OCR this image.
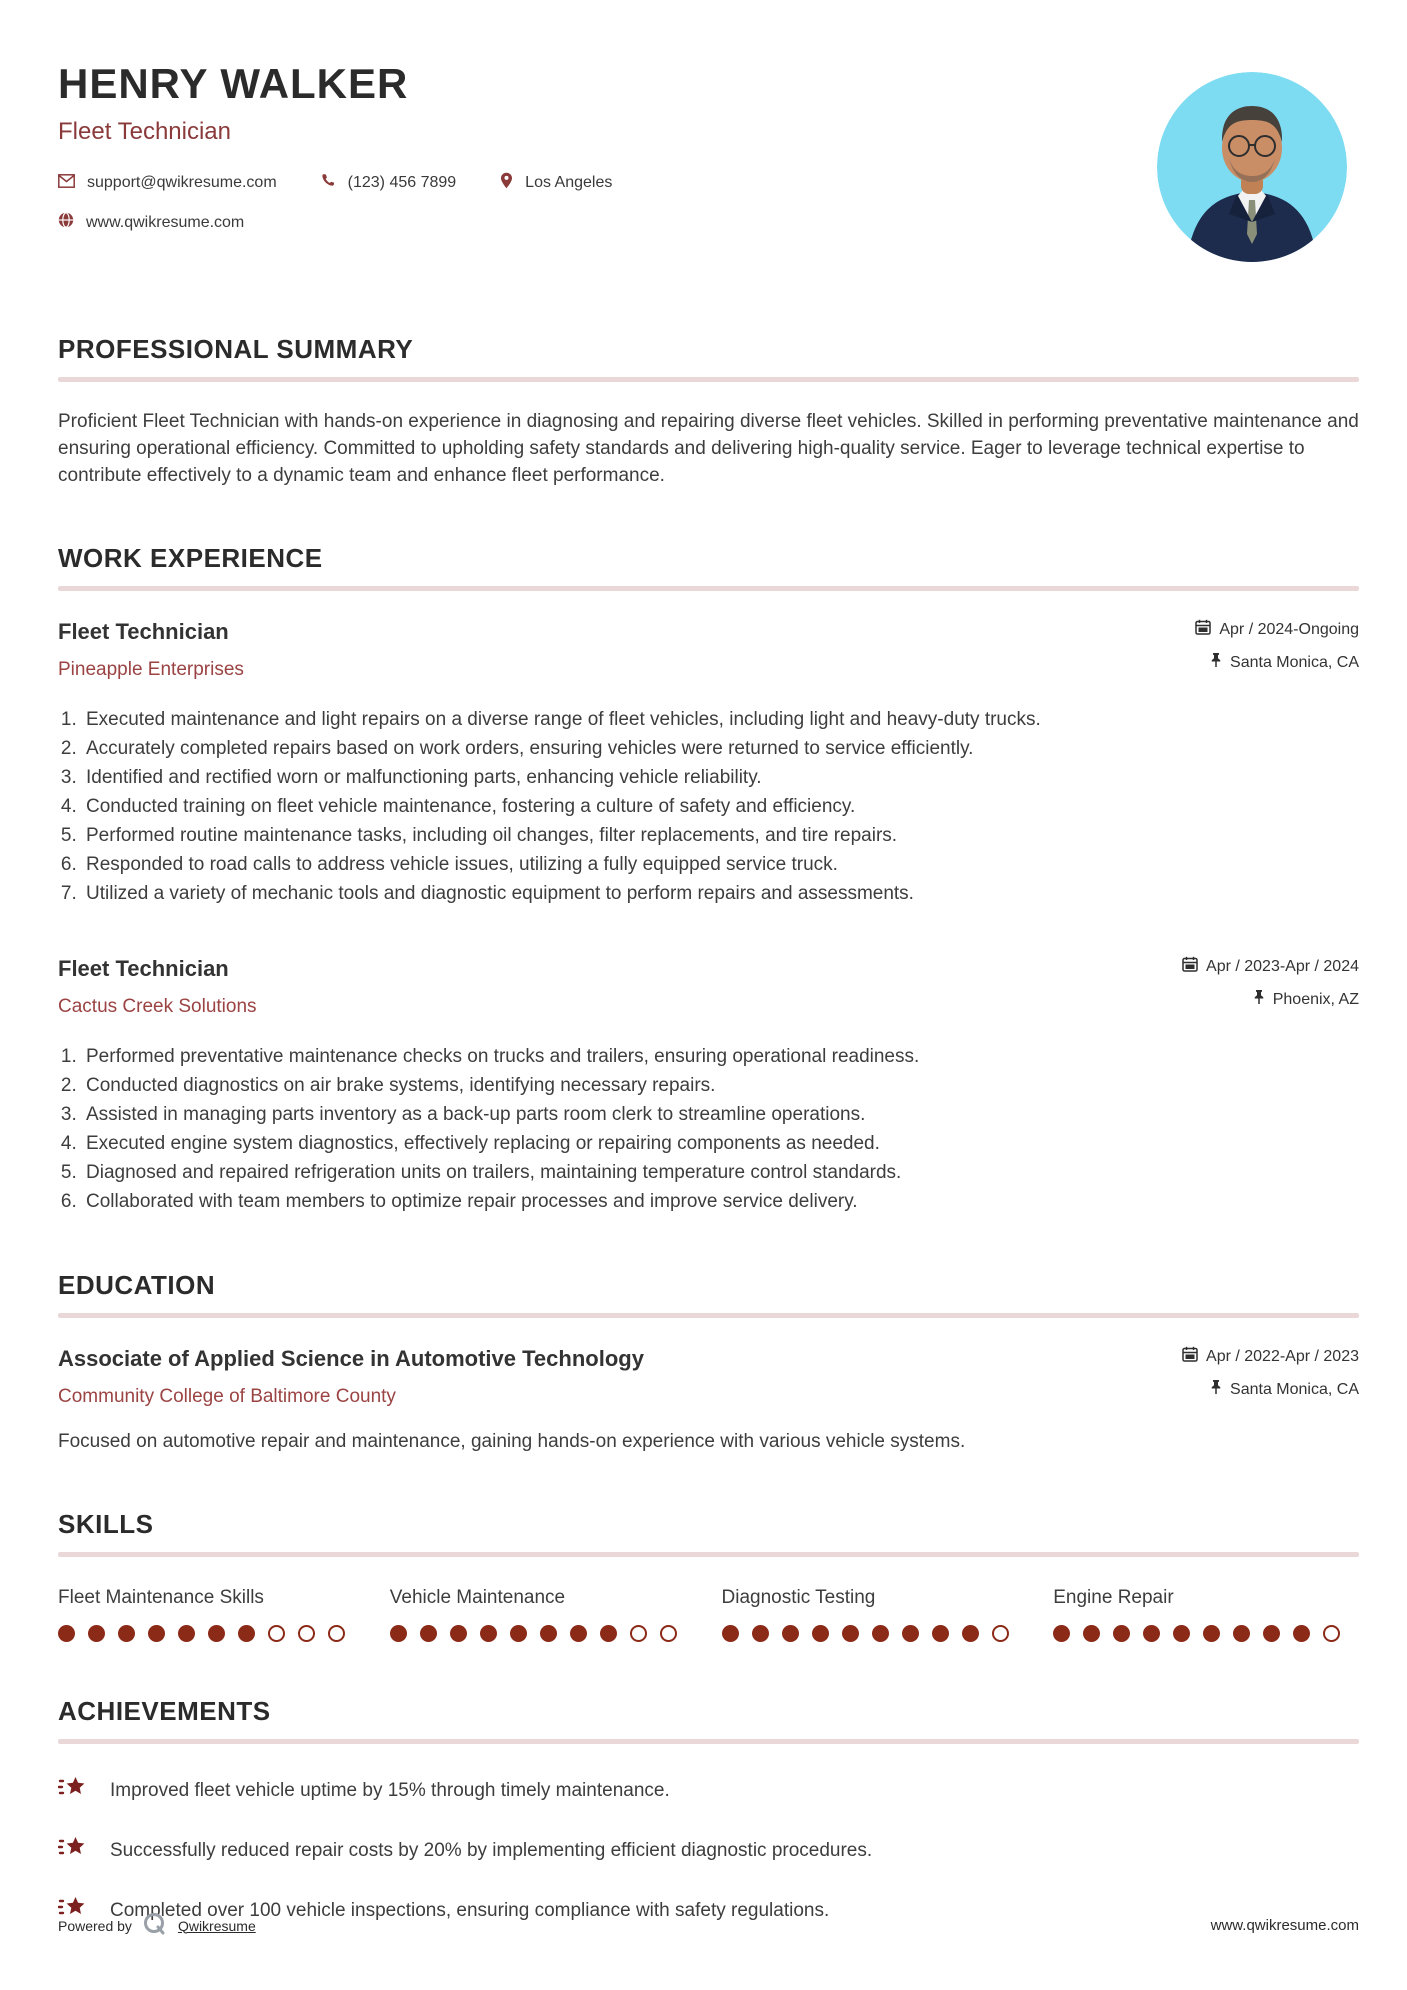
HENRY WALKER
Fleet Technician
support@qwikresume.com	(123) 456 7899	Los Angeles
www.qwikresume.com
PROFESSIONAL SUMMARY
Proficient Fleet Technician with hands-on experience in diagnosing and repairing diverse fleet vehicles. Skilled in performing preventative maintenance and ensuring operational efficiency. Committed to upholding safety standards and delivering high-quality service. Eager to leverage technical expertise to contribute effectively to a dynamic team and enhance fleet performance.
WORK EXPERIENCE
Fleet Technician
Pineapple Enterprises
Apr / 2024-Ongoing
Santa Monica, CA
1. Executed maintenance and light repairs on a diverse range of fleet vehicles, including light and heavy-duty trucks.
2. Accurately completed repairs based on work orders, ensuring vehicles were returned to service efficiently.
3. Identified and rectified worn or malfunctioning parts, enhancing vehicle reliability.
4. Conducted training on fleet vehicle maintenance, fostering a culture of safety and efficiency.
5. Performed routine maintenance tasks, including oil changes, filter replacements, and tire repairs.
6. Responded to road calls to address vehicle issues, utilizing a fully equipped service truck.
7. Utilized a variety of mechanic tools and diagnostic equipment to perform repairs and assessments.
Fleet Technician
Cactus Creek Solutions
Apr / 2023-Apr / 2024
Phoenix, AZ
1. Performed preventative maintenance checks on trucks and trailers, ensuring operational readiness.
2. Conducted diagnostics on air brake systems, identifying necessary repairs.
3. Assisted in managing parts inventory as a back-up parts room clerk to streamline operations.
4. Executed engine system diagnostics, effectively replacing or repairing components as needed.
5. Diagnosed and repaired refrigeration units on trailers, maintaining temperature control standards.
6. Collaborated with team members to optimize repair processes and improve service delivery.
EDUCATION
Associate of Applied Science in Automotive Technology
Community College of Baltimore County
Apr / 2022-Apr / 2023
Santa Monica, CA
Focused on automotive repair and maintenance, gaining hands-on experience with various vehicle systems.
SKILLS
Fleet Maintenance Skills	Vehicle Maintenance	Diagnostic Testing	Engine Repair
ACHIEVEMENTS
Improved fleet vehicle uptime by 15% through timely maintenance.
Successfully reduced repair costs by 20% by implementing efficient diagnostic procedures.
Completed over 100 vehicle inspections, ensuring compliance with safety regulations.
Powered by	Qwikresume	www.qwikresume.com
